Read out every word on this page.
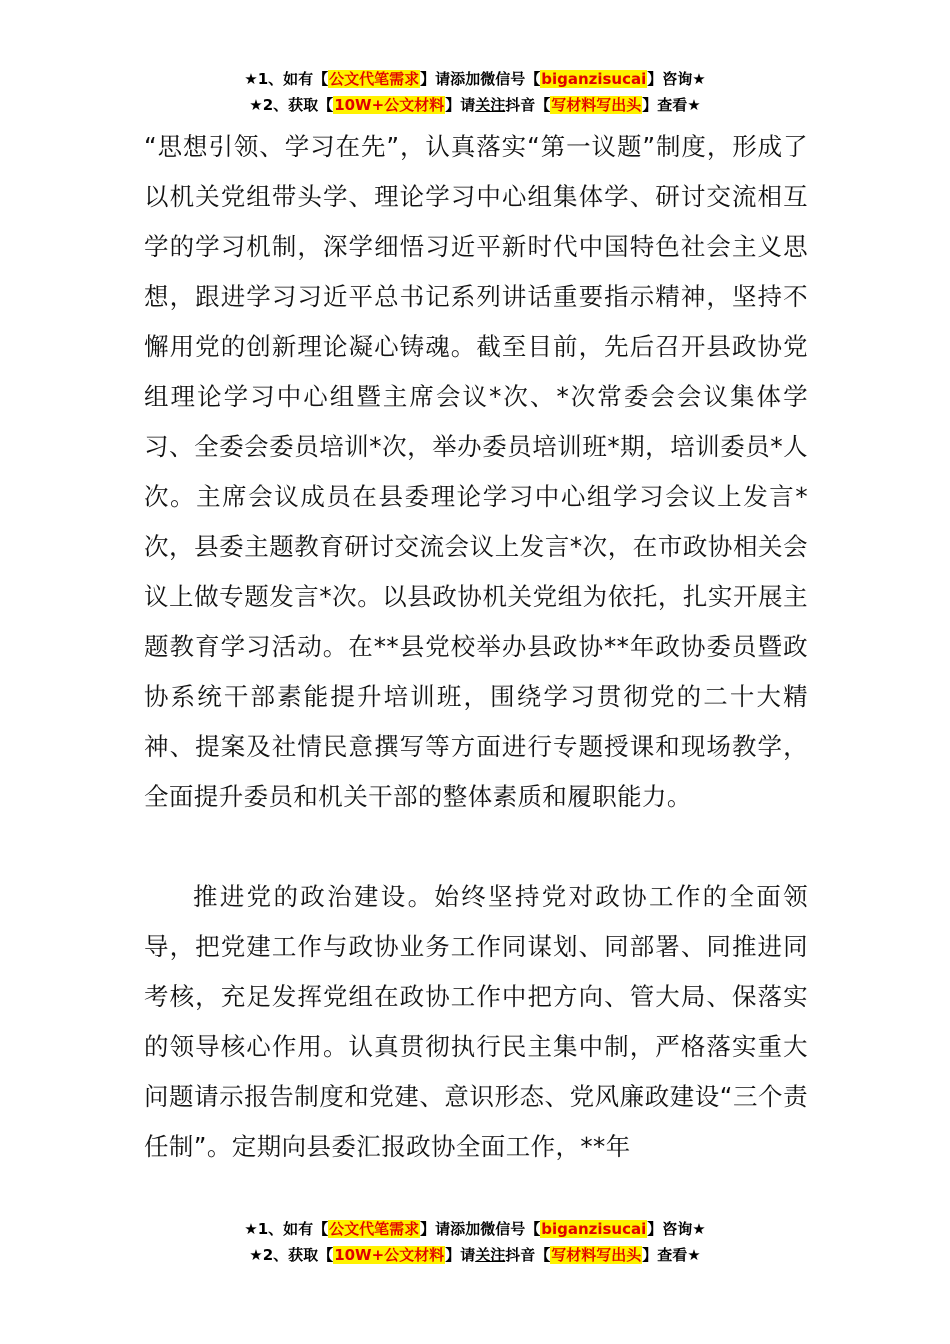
★1、如有【公文代笔需求】请添加微信号【biganzisucai】咨询★
★2、获取【10W+公文材料】请关注抖音【写材料写出头】查看★

“思想引领、学习在先”，认真落实“第一议题”制度，形成了以机关党组带头学、理论学习中心组集体学、研讨交流相互学的学习机制，深学细悟习近平新时代中国特色社会主义思想，跟进学习习近平总书记系列讲话重要指示精神，坚持不懈用党的创新理论凝心铸魂。截至目前，先后召开县政协党组理论学习中心组暨主席会议*次、*次常委会会议集体学习、全委会委员培训*次，举办委员培训班*期，培训委员*人次。主席会议成员在县委理论学习中心组学习会议上发言*次，县委主题教育研讨交流会议上发言*次，在市政协相关会议上做专题发言*次。以县政协机关党组为依托，扎实开展主题教育学习活动。在**县党校举办县政协**年政协委员暨政协系统干部素能提升培训班，围绕学习贯彻党的二十大精神、提案及社情民意撰写等方面进行专题授课和现场教学，全面提升委员和机关干部的整体素质和履职能力。

推进党的政治建设。始终坚持党对政协工作的全面领导，把党建工作与政协业务工作同谋划、同部署、同推进同考核，充足发挥党组在政协工作中把方向、管大局、保落实的领导核心作用。认真贯彻执行民主集中制，严格落实重大问题请示报告制度和党建、意识形态、党风廉政建设“三个责任制”。定期向县委汇报政协全面工作，**年

★1、如有【公文代笔需求】请添加微信号【biganzisucai】咨询★
★2、获取【10W+公文材料】请关注抖音【写材料写出头】查看★
